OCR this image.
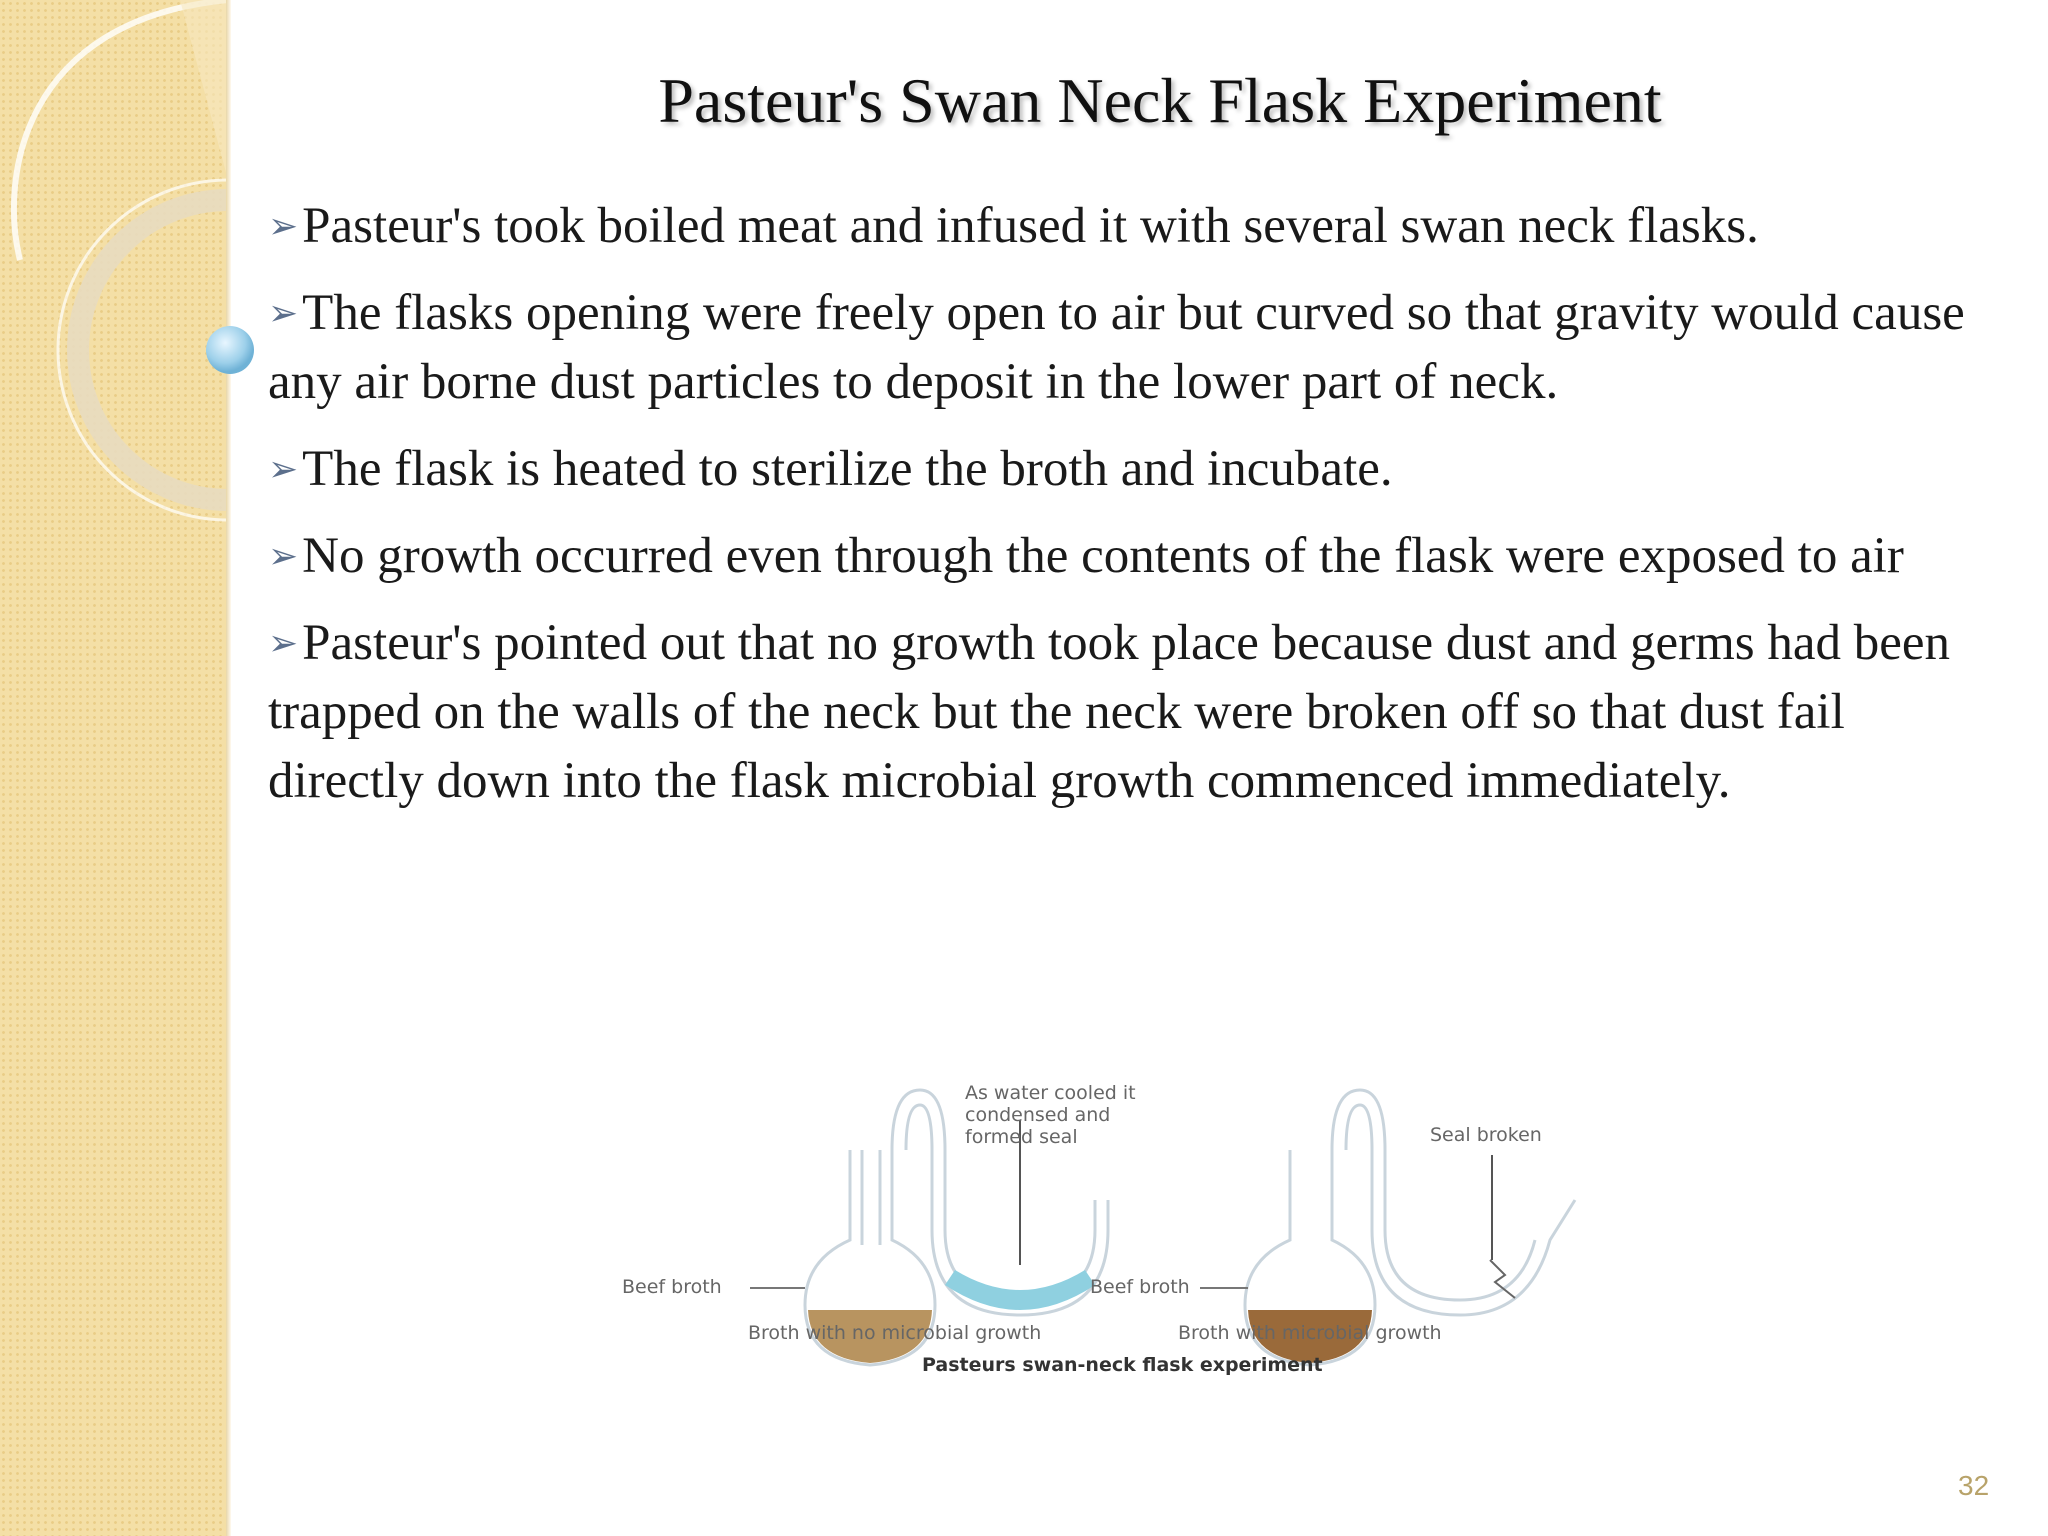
Pasteur's Swan Neck Flask Experiment
➢Pasteur's took boiled meat and infused it with several swan neck flasks.
➢The flasks opening were freely open to air but curved so that gravity would cause any air borne dust particles to deposit in the lower part of neck.
➢The flask is heated to sterilize the broth and incubate.
➢No growth occurred even through the contents of the flask were exposed to air
➢Pasteur's pointed out that no growth took place because dust and germs had been trapped on the walls of the neck but the neck were broken off so that dust fail directly down into the flask microbial growth commenced immediately.
As water cooled it
condensed and
formed seal	Seal broken
Beef broth	Beef broth
Broth with no microbial growth	Broth with microbial growth
Pasteurs swan-neck flask experiment
32
